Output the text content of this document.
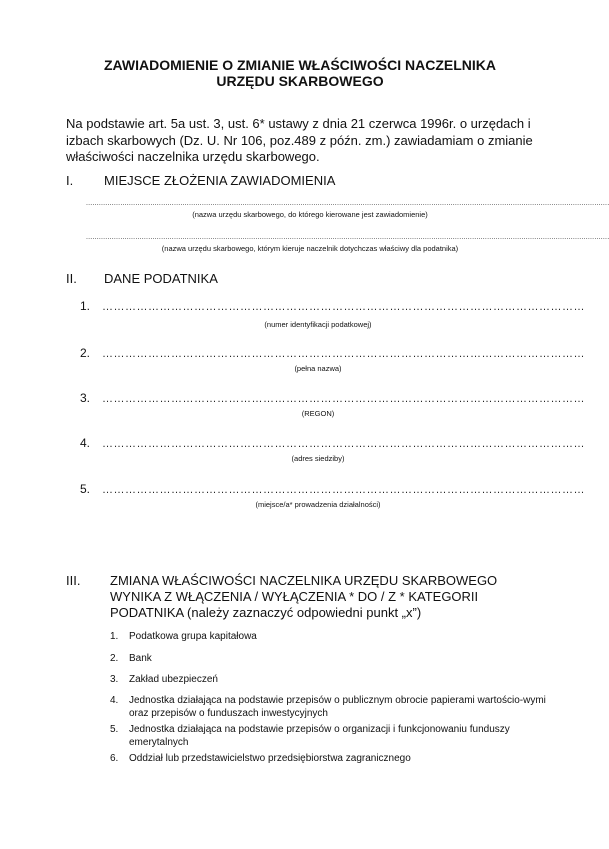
ZAWIADOMIENIE O ZMIANIE WŁAŚCIWOŚCI NACZELNIKA URZĘDU SKARBOWEGO
Na podstawie art. 5a ust. 3, ust. 6* ustawy z dnia 21 czerwca 1996r. o urzędach i izbach skarbowych (Dz. U. Nr 106, poz.489 z późn. zm.) zawiadamiam o zmianie właściwości naczelnika urzędu skarbowego.
I. MIEJSCE ZŁOŻENIA ZAWIADOMIENIA
....................................................................................................................................................................................................................................................
(nazwa urzędu skarbowego, do którego kierowane jest zawiadomienie)
....................................................................................................................................................................................................................................................
(nazwa urzędu skarbowego, którym kieruje naczelnik dotychczas właściwy dla podatnika)
II. DANE PODATNIKA
1. ………………………………………………………………………………………………………………
(numer identyfikacji podatkowej)
2. ………………………………………………………………………………………………………………
(pełna nazwa)
3. ………………………………………………………………………………………………………………
(REGON)
4. ………………………………………………………………………………………………………………
(adres siedziby)
5. ………………………………………………………………………………………………………………
(miejsce/a* prowadzenia działalności)
III. ZMIANA WŁAŚCIWOŚCI NACZELNIKA URZĘDU SKARBOWEGO WYNIKA Z WŁĄCZENIA / WYŁĄCZENIA * DO / Z * KATEGORII PODATNIKA (należy zaznaczyć odpowiedni punkt „x”)
1.	Podatkowa grupa kapitałowa
2.	Bank
3.	Zakład ubezpieczeń
4.	Jednostka działająca na podstawie przepisów o publicznym obrocie papierami wartościo-wymi oraz przepisów o funduszach inwestycyjnych
5.	Jednostka działająca na podstawie przepisów o organizacji i funkcjonowaniu funduszy emerytalnych
6.	Oddział lub przedstawicielstwo przedsiębiorstwa zagranicznego
